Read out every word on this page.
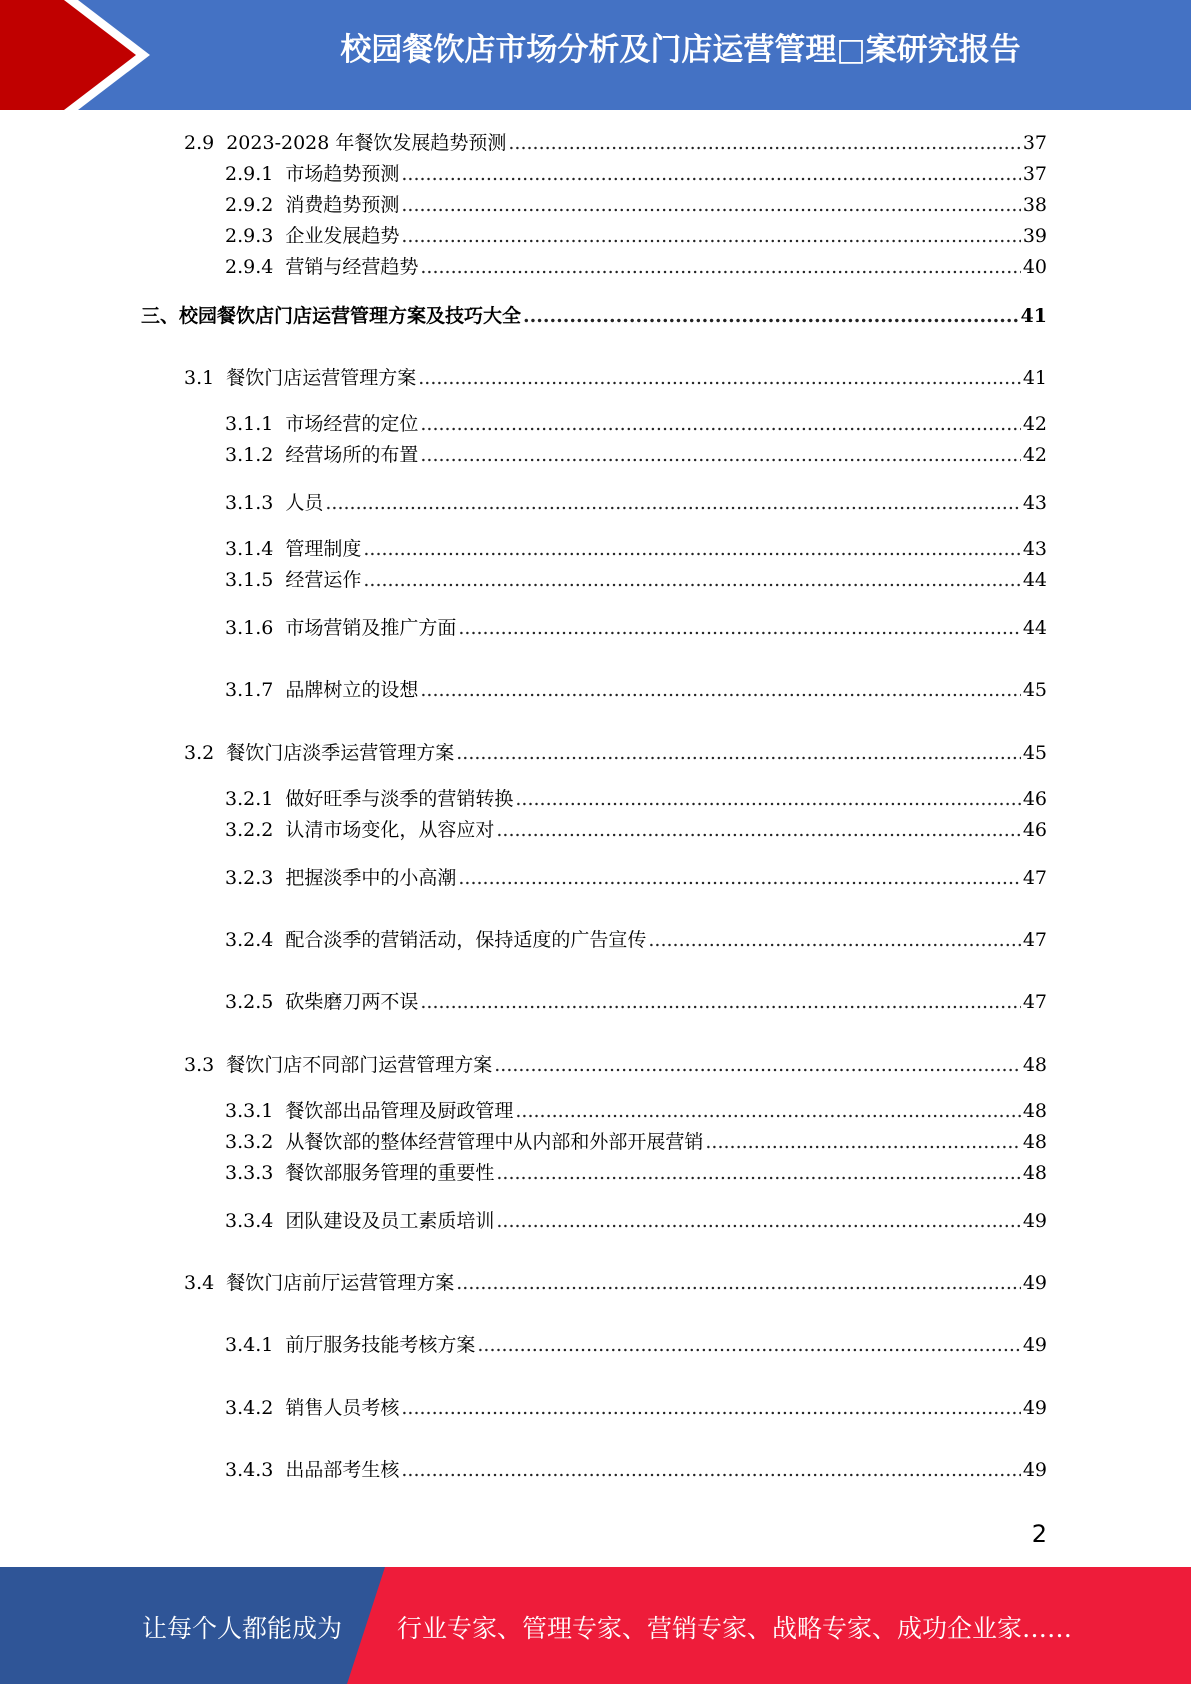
校园餐饮店市场分析及门店运营管理□案研究报告
2.9 2023-2028 年餐饮发展趋势预测 .....	37
2.9.1 市场趋势预测 .....	37
2.9.2 消费趋势预测 .....	38
2.9.3 企业发展趋势 .....	39
2.9.4 营销与经营趋势 .....	40
三、 校园餐饮店门店运营管理方案及技巧大全 .....	41
3.1 餐饮门店运营管理方案 .....	41
3.1.1 市场经营的定位 .....	42
3.1.2 经营场所的布置 .....	42
3.1.3 人员 .....	43
3.1.4 管理制度 .....	43
3.1.5 经营运作 .....	44
3.1.6 市场营销及推广方面 .....	44
3.1.7 品牌树立的设想 .....	45
3.2 餐饮门店淡季运营管理方案 .....	45
3.2.1 做好旺季与淡季的营销转换 .....	46
3.2.2 认清市场变化，从容应对 .....	46
3.2.3 把握淡季中的小高潮 .....	47
3.2.4 配合淡季的营销活动，保持适度的广告宣传 .....	47
3.2.5 砍柴磨刀两不误 .....	47
3.3 餐饮门店不同部门运营管理方案 .....	48
3.3.1 餐饮部出品管理及厨政管理 .....	48
3.3.2 从餐饮部的整体经营管理中从内部和外部开展营销 .....	48
3.3.3 餐饮部服务管理的重要性 .....	48
3.3.4 团队建设及员工素质培训 .....	49
3.4 餐饮门店前厅运营管理方案 .....	49
3.4.1 前厅服务技能考核方案 .....	49
3.4.2 销售人员考核 .....	49
3.4.3 出品部考生核 .....	49
2
让每个人都能成为 行业专家、管理专家、营销专家、战略专家、成功企业家……
